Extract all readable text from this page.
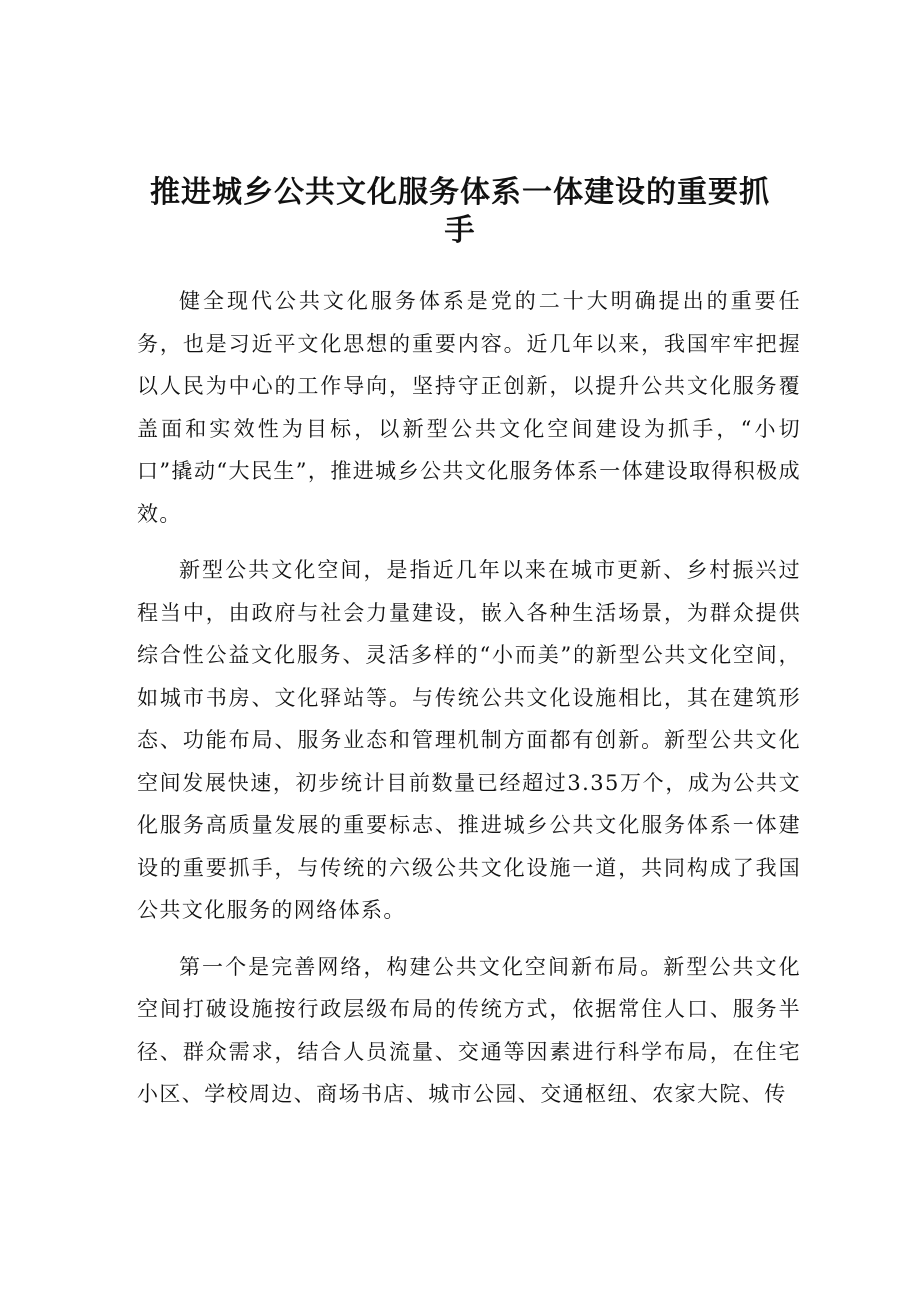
推进城乡公共文化服务体系一体建设的重要抓手

健全现代公共文化服务体系是党的二十大明确提出的重要任务，也是习近平文化思想的重要内容。近几年以来，我国牢牢把握以人民为中心的工作导向，坚持守正创新，以提升公共文化服务覆盖面和实效性为目标，以新型公共文化空间建设为抓手，“小切口”撬动“大民生”，推进城乡公共文化服务体系一体建设取得积极成效。

新型公共文化空间，是指近几年以来在城市更新、乡村振兴过程当中，由政府与社会力量建设，嵌入各种生活场景，为群众提供综合性公益文化服务、灵活多样的“小而美”的新型公共文化空间，如城市书房、文化驿站等。与传统公共文化设施相比，其在建筑形态、功能布局、服务业态和管理机制方面都有创新。新型公共文化空间发展快速，初步统计目前数量已经超过3.35万个，成为公共文化服务高质量发展的重要标志、推进城乡公共文化服务体系一体建设的重要抓手，与传统的六级公共文化设施一道，共同构成了我国公共文化服务的网络体系。

第一个是完善网络，构建公共文化空间新布局。新型公共文化空间打破设施按行政层级布局的传统方式，依据常住人口、服务半径、群众需求，结合人员流量、交通等因素进行科学布局，在住宅小区、学校周边、商场书店、城市公园、交通枢纽、农家大院、传
